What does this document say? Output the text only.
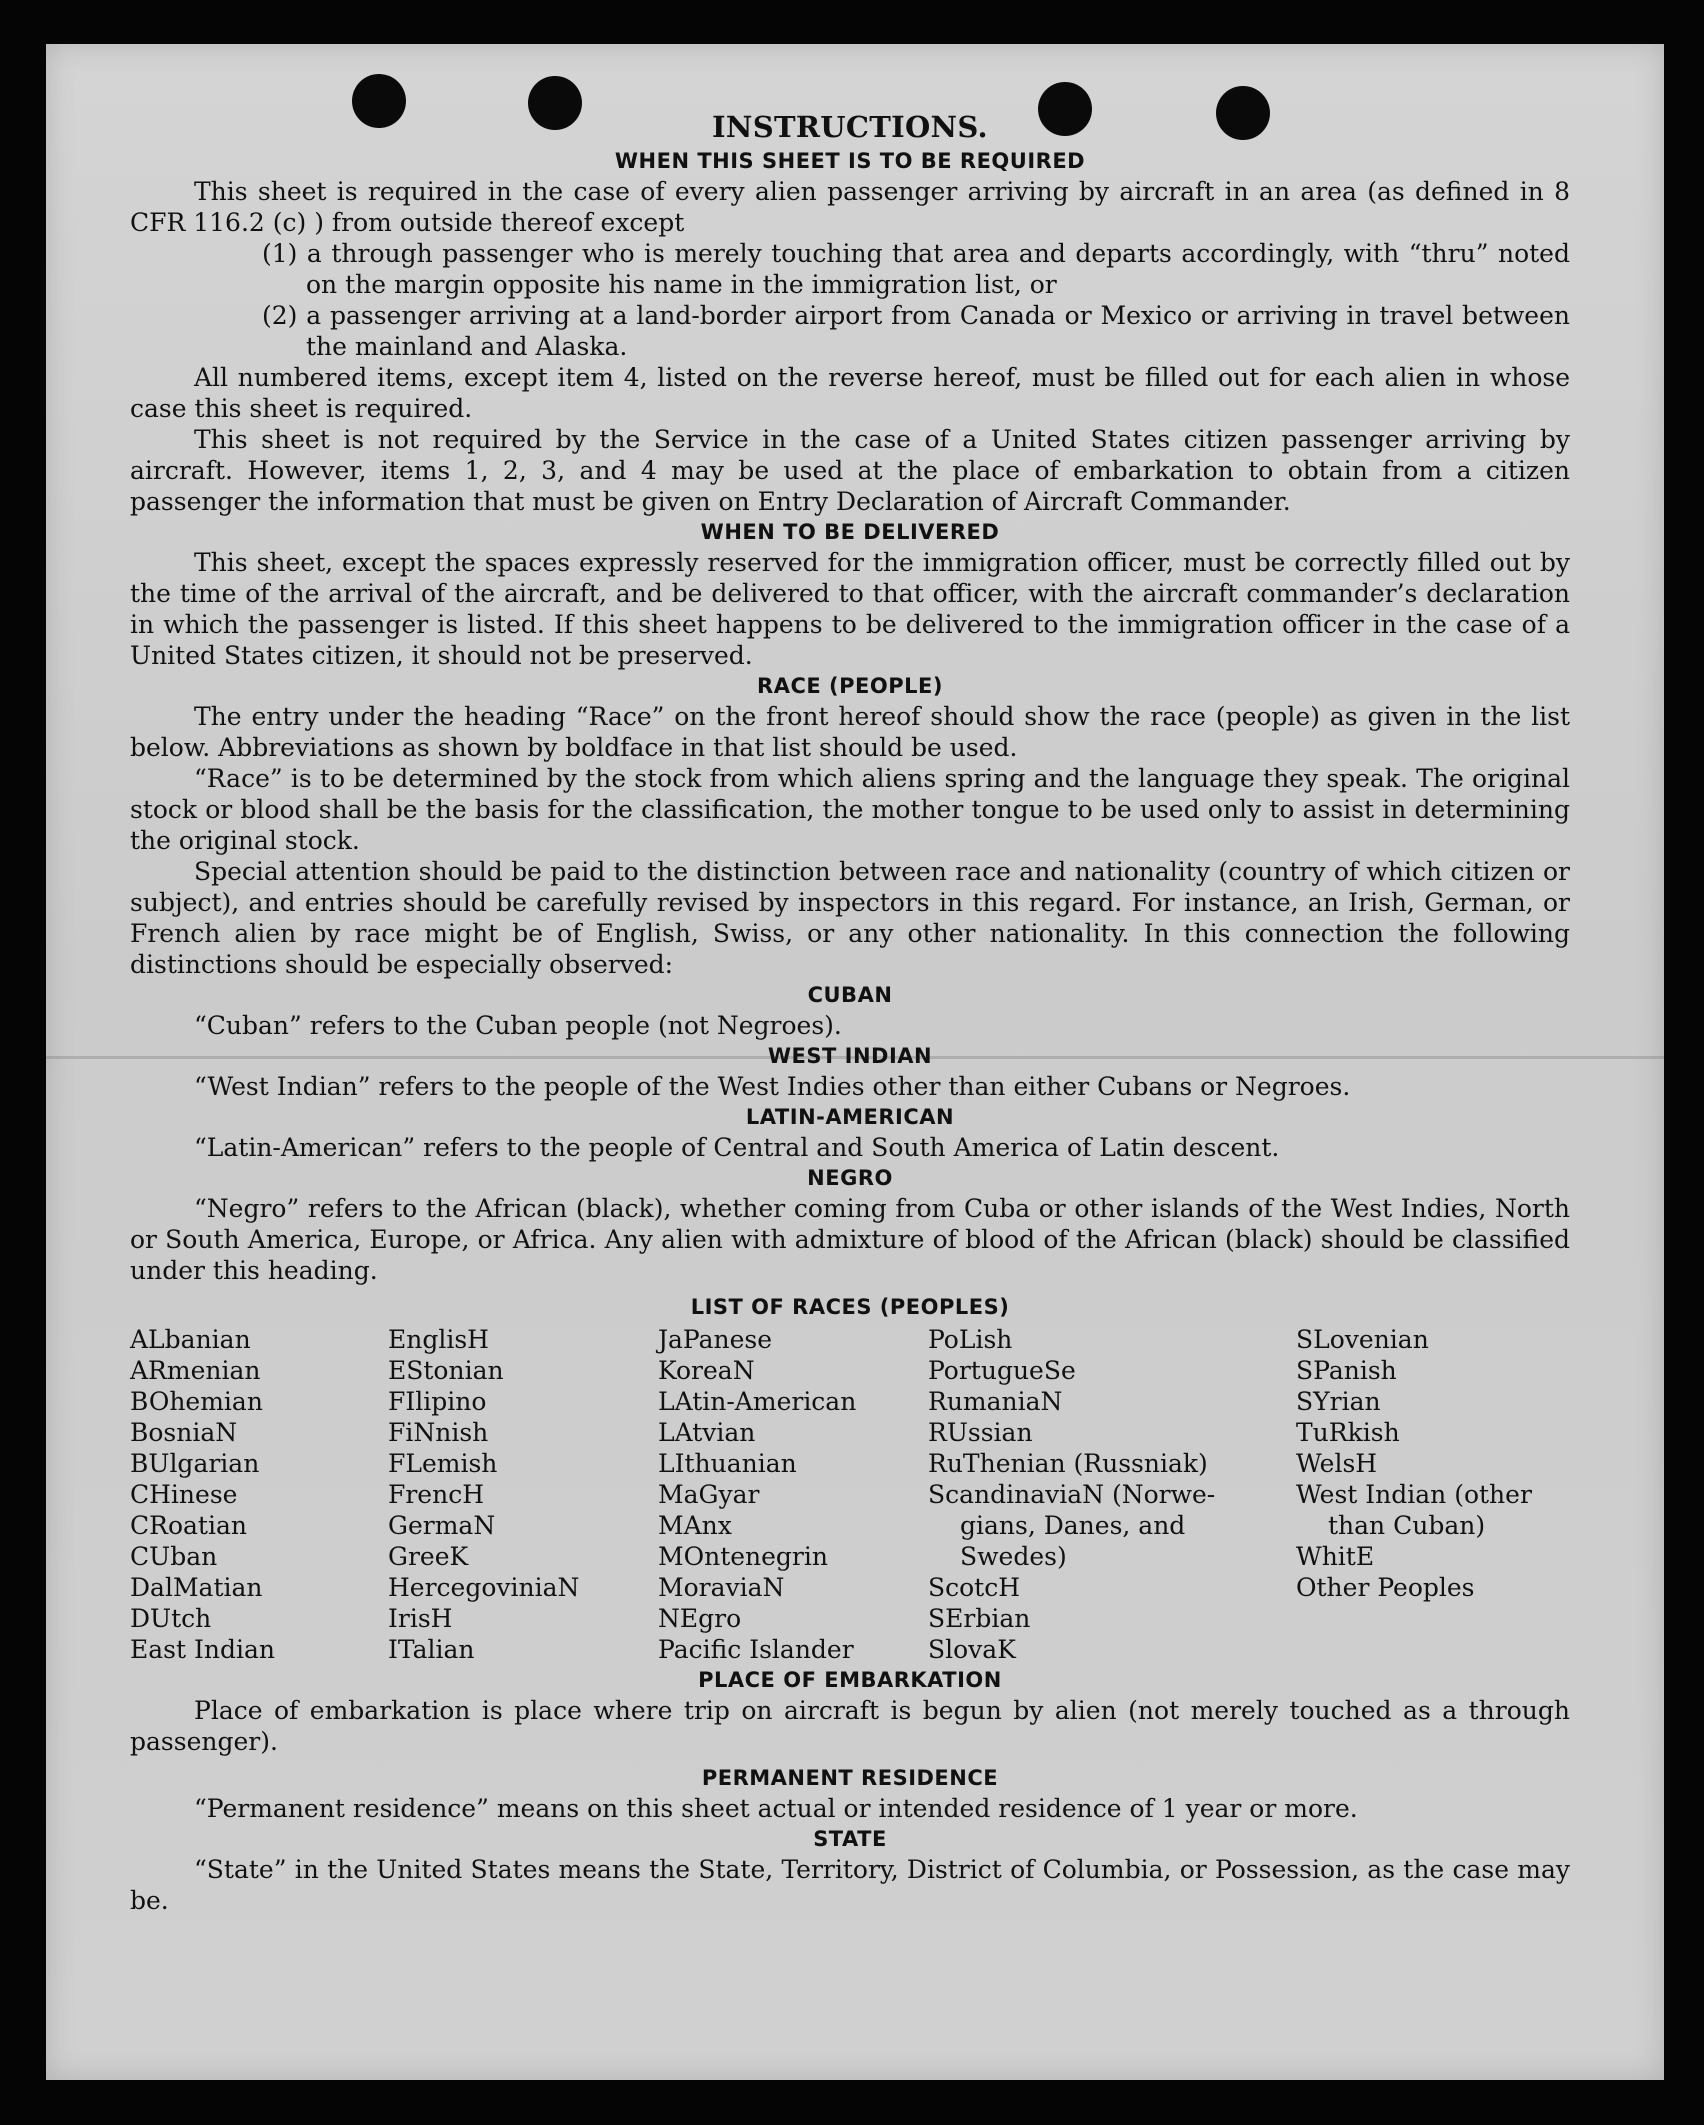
INSTRUCTIONS.
WHEN THIS SHEET IS TO BE REQUIRED

This sheet is required in the case of every alien passenger arriving by aircraft in an area (as defined in 8 CFR 116.2 (c) ) from outside thereof except

(1) a through passenger who is merely touching that area and departs accordingly, with “thru” noted on the margin opposite his name in the immigration list, or

(2) a passenger arriving at a land-border airport from Canada or Mexico or arriving in travel between the mainland and Alaska.

All numbered items, except item 4, listed on the reverse hereof, must be filled out for each alien in whose case this sheet is required.

This sheet is not required by the Service in the case of a United States citizen passenger arriving by aircraft. However, items 1, 2, 3, and 4 may be used at the place of embarkation to obtain from a citizen passenger the information that must be given on Entry Declaration of Aircraft Commander.

WHEN TO BE DELIVERED

This sheet, except the spaces expressly reserved for the immigration officer, must be correctly filled out by the time of the arrival of the aircraft, and be delivered to that officer, with the aircraft commander’s declaration in which the passenger is listed. If this sheet happens to be delivered to the immigration officer in the case of a United States citizen, it should not be preserved.

RACE (PEOPLE)

The entry under the heading “Race” on the front hereof should show the race (people) as given in the list below. Abbreviations as shown by boldface in that list should be used.

“Race” is to be determined by the stock from which aliens spring and the language they speak. The original stock or blood shall be the basis for the classification, the mother tongue to be used only to assist in determining the original stock.

Special attention should be paid to the distinction between race and nationality (country of which citizen or subject), and entries should be carefully revised by inspectors in this regard. For instance, an Irish, German, or French alien by race might be of English, Swiss, or any other nationality. In this connection the following distinctions should be especially observed:

CUBAN

“Cuban” refers to the Cuban people (not Negroes).

WEST INDIAN

“West Indian” refers to the people of the West Indies other than either Cubans or Negroes.

LATIN-AMERICAN

“Latin-American” refers to the people of Central and South America of Latin descent.

NEGRO

“Negro” refers to the African (black), whether coming from Cuba or other islands of the West Indies, North or South America, Europe, or Africa. Any alien with admixture of blood of the African (black) should be classified under this heading.

LIST OF RACES (PEOPLES)
ALbanian
ARmenian
BOhemian
BosniaN
BUlgarian
CHinese
CRoatian
CUban
DalMatian
DUtch
East Indian
EnglisH
EStonian
FIlipino
FiNnish
FLemish
FrencH
GermaN
GreeK
HercegoviniaN
IrisH
ITalian
JaPanese
KoreaN
LAtin-American
LAtvian
LIthuanian
MaGyar
MAnx
MOntenegrin
MoraviaN
NEgro
Pacific Islander
PoLish
PortugueSe
RumaniaN
RUssian
RuThenian (Russniak)
ScandinaviaN (Norwe-
gians, Danes, and
Swedes)
ScotcH
SErbian
SlovaK
SLovenian
SPanish
SYrian
TuRkish
WelsH
West Indian (other
than Cuban)
WhitE
Other Peoples
PLACE OF EMBARKATION

Place of embarkation is place where trip on aircraft is begun by alien (not merely touched as a through passenger).

PERMANENT RESIDENCE

“Permanent residence” means on this sheet actual or intended residence of 1 year or more.

STATE

“State” in the United States means the State, Territory, District of Columbia, or Possession, as the case may be.
